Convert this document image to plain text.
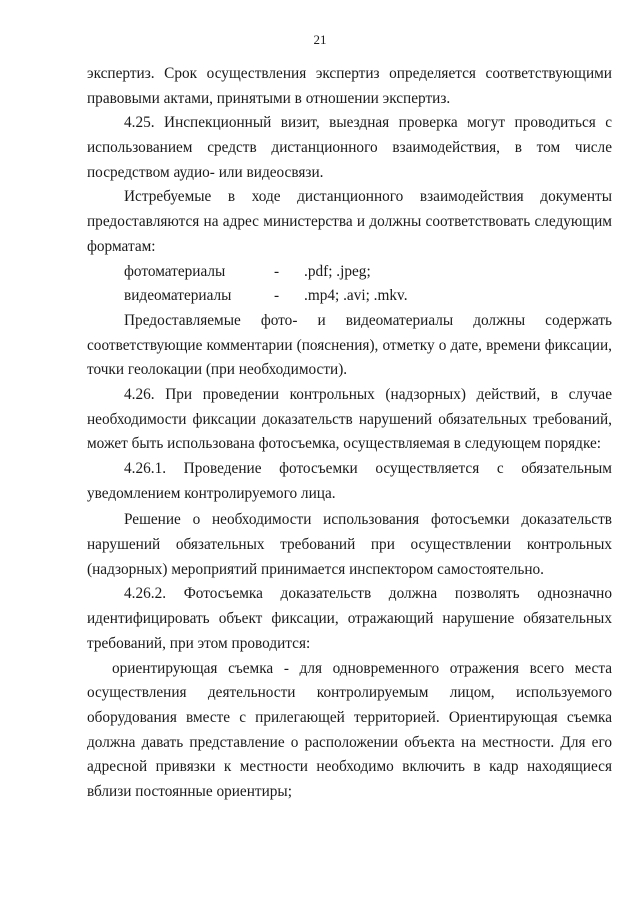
21
экспертиз. Срок осуществления экспертиз определяется соответствующими
правовыми актами, принятыми в отношении экспертиз.
4.25. Инспекционный визит, выездная проверка могут проводиться с
использованием средств дистанционного взаимодействия, в том числе
посредством аудио- или видеосвязи.
Истребуемые в ходе дистанционного взаимодействия документы
предоставляются на адрес министерства и должны соответствовать следующим
форматам:
фотоматериалы	-	.pdf; .jpeg;
видеоматериалы	-	.mp4; .avi; .mkv.
Предоставляемые фото- и видеоматериалы должны содержать
соответствующие комментарии (пояснения), отметку о дате, времени фиксации,
точки геолокации (при необходимости).
4.26. При проведении контрольных (надзорных) действий, в случае
необходимости фиксации доказательств нарушений обязательных требований,
может быть использована фотосъемка, осуществляемая в следующем порядке:
4.26.1. Проведение фотосъемки осуществляется с обязательным
уведомлением контролируемого лица.
Решение о необходимости использования фотосъемки доказательств
нарушений обязательных требований при осуществлении контрольных
(надзорных) мероприятий принимается инспектором самостоятельно.
4.26.2. Фотосъемка доказательств должна позволять однозначно
идентифицировать объект фиксации, отражающий нарушение обязательных
требований, при этом проводится:
ориентирующая съемка - для одновременного отражения всего места
осуществления деятельности контролируемым лицом, используемого
оборудования вместе с прилегающей территорией. Ориентирующая съемка
должна давать представление о расположении объекта на местности. Для его
адресной привязки к местности необходимо включить в кадр находящиеся
вблизи постоянные ориентиры;
